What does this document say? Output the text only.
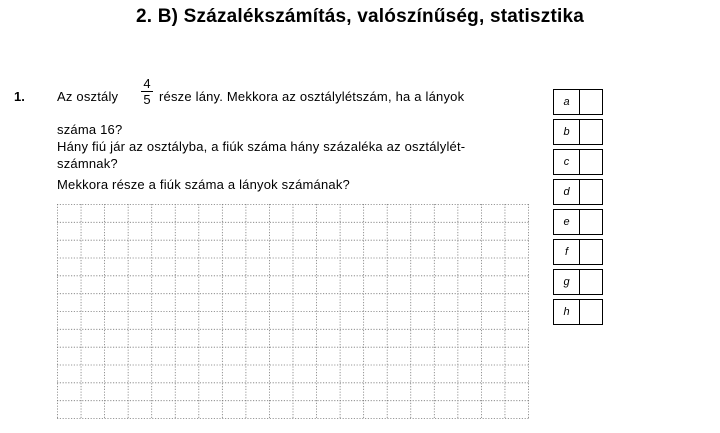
2. B) Százalékszámítás, valószínűség, statisztika
1. Az osztály
4
5 része lány. Mekkora az osztálylétszám, ha a lányok
száma 16?
Hány fiú jár az osztályba, a fiúk száma hány százaléka az osztálylét-
számnak?
Mekkora része a fiúk száma a lányok számának?
a	

b	

c	

d	

e	

f	

g	

h	
